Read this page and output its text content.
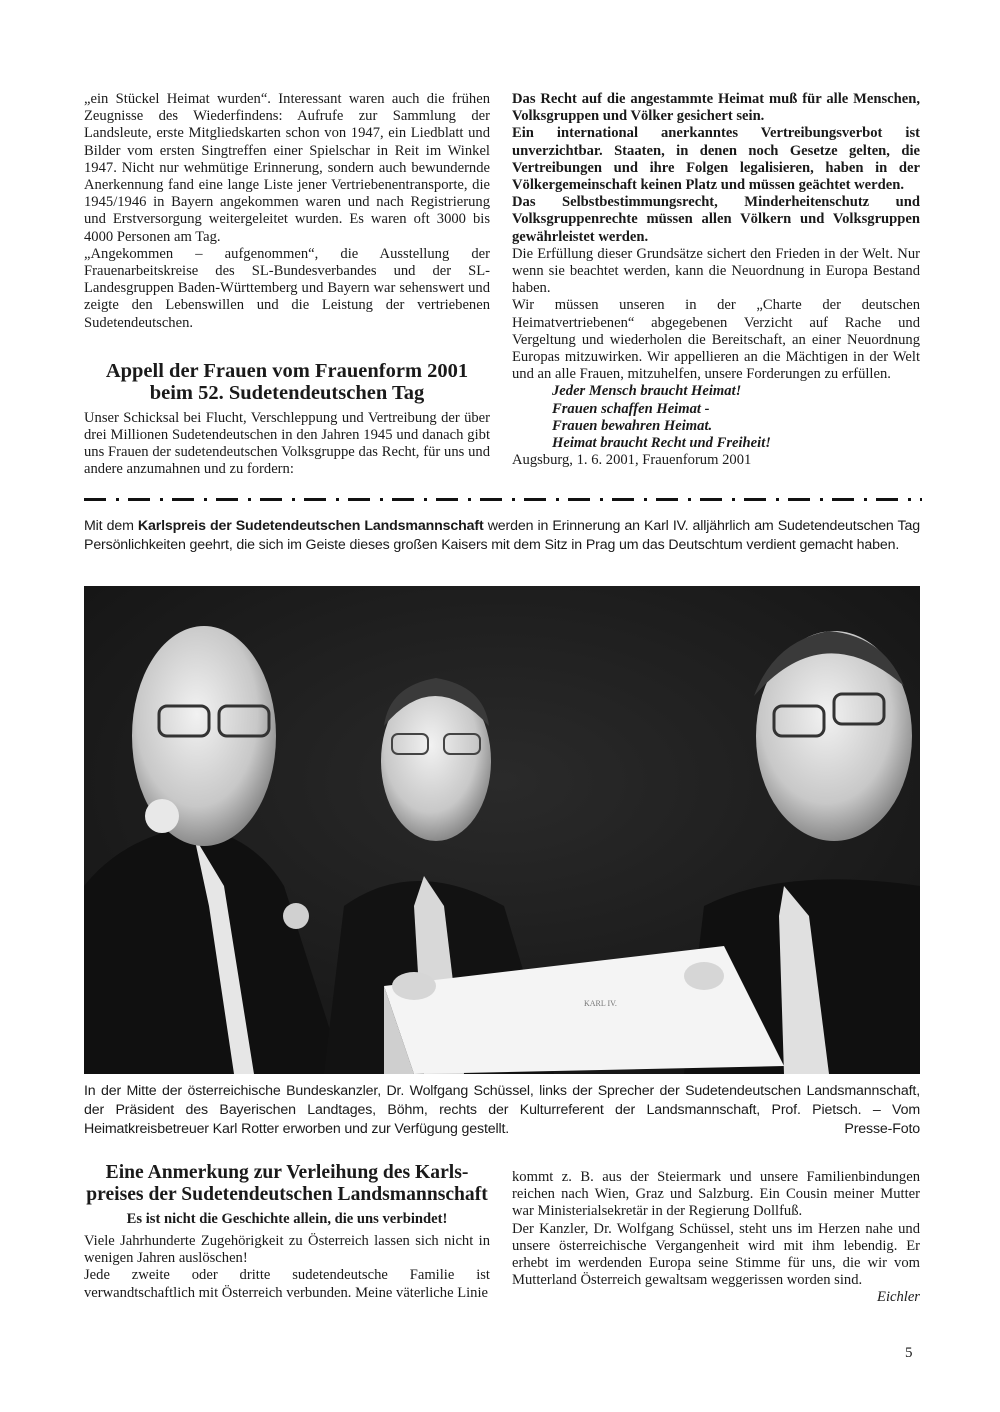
„ein Stückel Heimat wurden“. Interessant waren auch die frühen Zeugnisse des Wiederfindens: Aufrufe zur Sammlung der Landsleute, erste Mitgliedskarten schon von 1947, ein Liedblatt und Bilder vom ersten Singtreffen einer Spielschar in Reit im Winkel 1947. Nicht nur wehmütige Erinnerung, sondern auch bewundernde Anerkennung fand eine lange Liste jener Vertriebenentransporte, die 1945/1946 in Bayern angekommen waren und nach Registrierung und Erstversorgung weitergeleitet wurden. Es waren oft 3000 bis 4000 Personen am Tag.

„Angekommen – aufgenommen“, die Ausstellung der Frauenarbeitskreise des SL-Bundesverbandes und der SL-Landesgruppen Baden-Württemberg und Bayern war sehenswert und zeigte den Lebenswillen und die Leistung der vertriebenen Sudetendeutschen.

Appell der Frauen vom Frauenform 2001
beim 52. Sudetendeutschen Tag

Unser Schicksal bei Flucht, Verschleppung und Vertreibung der über drei Millionen Sudetendeutschen in den Jahren 1945 und danach gibt uns Frauen der sudetendeutschen Volksgruppe das Recht, für uns und andere anzumahnen und zu fordern:

Das Recht auf die angestammte Heimat muß für alle Menschen, Volksgruppen und Völker gesichert sein.

Ein international anerkanntes Vertreibungsverbot ist unverzichtbar. Staaten, in denen noch Gesetze gelten, die Vertreibungen und ihre Folgen legalisieren, haben in der Völkergemeinschaft keinen Platz und müssen geächtet werden.

Das Selbstbestimmungsrecht, Minderheitenschutz und Volksgruppenrechte müssen allen Völkern und Volksgruppen gewährleistet werden.

Die Erfüllung dieser Grundsätze sichert den Frieden in der Welt. Nur wenn sie beachtet werden, kann die Neuordnung in Europa Bestand haben.

Wir müssen unseren in der „Charte der deutschen Heimatvertriebenen“ abgegebenen Verzicht auf Rache und Vergeltung und wiederholen die Bereitschaft, an einer Neuordnung Europas mitzuwirken. Wir appellieren an die Mächtigen in der Welt und an alle Frauen, mitzuhelfen, unsere Forderungen zu erfüllen.

Jeder Mensch braucht Heimat!
Frauen schaffen Heimat -
Frauen bewahren Heimat.
Heimat braucht Recht und Freiheit!

Augsburg, 1. 6. 2001, Frauenforum 2001

Mit dem Karlspreis der Sudetendeutschen Landsmannschaft werden in Erinnerung an Karl IV. alljährlich am Sudetendeutschen Tag Persönlichkeiten geehrt, die sich im Geiste dieses großen Kaisers mit dem Sitz in Prag um das Deutschtum verdient gemacht haben.
KARL IV.
In der Mitte der österreichische Bundeskanzler, Dr. Wolfgang Schüssel, links der Sprecher der Sudetendeutschen Landsmannschaft, der Präsident des Bayerischen Landtages, Böhm, rechts der Kulturreferent der Landsmannschaft, Prof. Pietsch. – Vom Heimatkreisbetreuer Karl Rotter erworben und zur Verfügung gestellt.	Presse-Foto
Eine Anmerkung zur Verleihung des Karls-
preises der Sudetendeutschen Landsmannschaft
Es ist nicht die Geschichte allein, die uns verbindet!

Viele Jahrhunderte Zugehörigkeit zu Österreich lassen sich nicht in wenigen Jahren auslöschen!

Jede zweite oder dritte sudetendeutsche Familie ist verwandtschaftlich mit Österreich verbunden. Meine väterliche Linie

kommt z. B. aus der Steiermark und unsere Familienbindungen reichen nach Wien, Graz und Salzburg. Ein Cousin meiner Mutter war Ministerialsekretär in der Regierung Dollfuß.

Der Kanzler, Dr. Wolfgang Schüssel, steht uns im Herzen nahe und unsere österreichische Vergangenheit wird mit ihm lebendig. Er erhebt im werdenden Europa seine Stimme für uns, die wir vom Mutterland Österreich gewaltsam weggerissen worden sind.

Eichler

5
